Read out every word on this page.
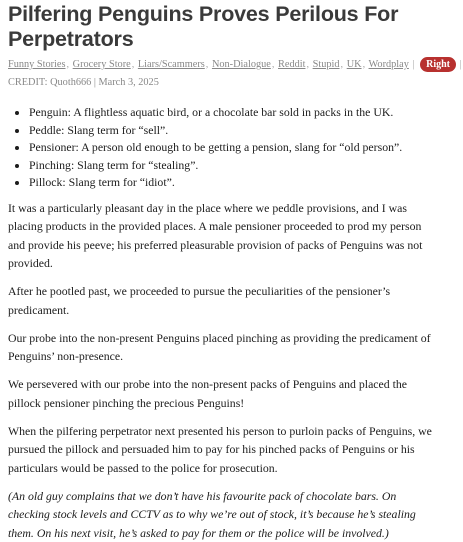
Pilfering Penguins Proves Perilous For Perpetrators
Funny Stories, Grocery Store, Liars/Scammers, Non-Dialogue, Reddit, Stupid, UK, Wordplay | Right |
CREDIT: Quoth666 | March 3, 2025
• Penguin: A flightless aquatic bird, or a chocolate bar sold in packs in the UK.
• Peddle: Slang term for “sell”.
• Pensioner: A person old enough to be getting a pension, slang for “old person”.
• Pinching: Slang term for “stealing”.
• Pillock: Slang term for “idiot”.

It was a particularly pleasant day in the place where we peddle provisions, and I was placing products in the provided places. A male pensioner proceeded to prod my person and provide his peeve; his preferred pleasurable provision of packs of Penguins was not provided.

After he pootled past, we proceeded to pursue the peculiarities of the pensioner’s predicament.

Our probe into the non-present Penguins placed pinching as providing the predicament of Penguins’ non-presence.

We persevered with our probe into the non-present packs of Penguins and placed the pillock pensioner pinching the precious Penguins!

When the pilfering perpetrator next presented his person to purloin packs of Penguins, we pursued the pillock and persuaded him to pay for his pinched packs of Penguins or his particulars would be passed to the police for prosecution.

(An old guy complains that we don’t have his favourite pack of chocolate bars. On checking stock levels and CCTV as to why we’re out of stock, it’s because he’s stealing them. On his next visit, he’s asked to pay for them or the police will be involved.)
